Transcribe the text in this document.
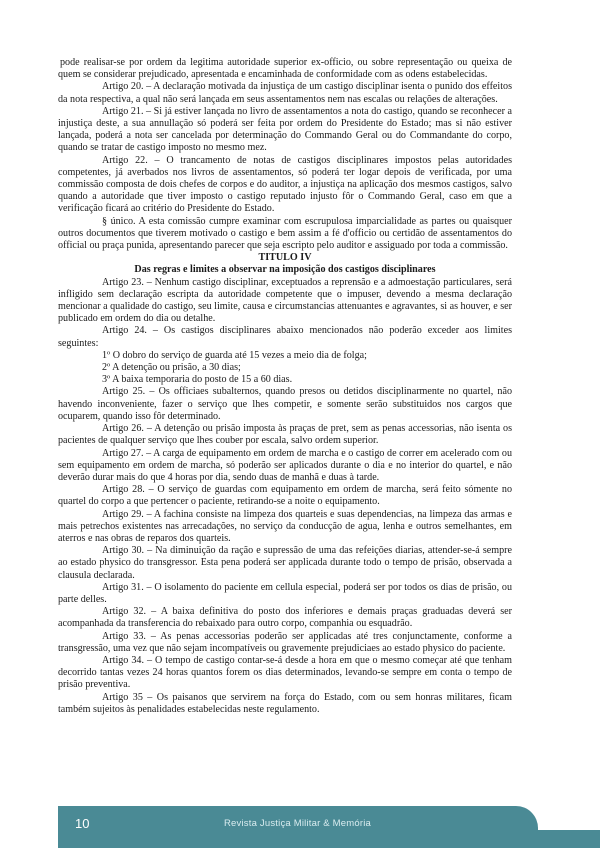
pode realisar-se por ordem da legitima autoridade superior ex-officio, ou sobre representação ou queixa de quem se considerar prejudicado, apresentada e encaminhada de conformidade com as odens estabelecidas.

Artigo 20. – A declaração motivada da injustiça de um castigo disciplinar isenta o punido dos effeitos da nota respectiva, a qual não será lançada em seus assentamentos nem nas escalas ou relações de alterações.

Artigo 21. – Si já estiver lançada no livro de assentamentos a nota do castigo, quando se reconhecer a injustiça deste, a sua annullação só poderá ser feita por ordem do Presidente do Estado; mas si não estiver lançada, poderá a nota ser cancelada por determinação do Commando Geral ou do Commandante do corpo, quando se tratar de castigo imposto no mesmo mez.

Artigo 22. – O trancamento de notas de castigos disciplinares impostos pelas autoridades competentes, já averbados nos livros de assentamentos, só poderá ter logar depois de verificada, por uma commissão composta de dois chefes de corpos e do auditor, a injustiça na aplicação dos mesmos castigos, salvo quando a autoridade que tiver imposto o castigo reputado injusto fôr o Commando Geral, caso em que a verificação ficará ao critério do Presidente do Estado.

§ único. A esta comissão cumpre examinar com escrupulosa imparcialidade as partes ou quaisquer outros documentos que tiverem motivado o castigo e bem assim a fé d'officio ou certidão de assentamentos do official ou praça punida, apresentando parecer que seja escripto pelo auditor e assiguado por toda a commissão.

TITULO IV

Das regras e limites a observar na imposição dos castigos disciplinares

Artigo 23. – Nenhum castigo disciplinar, exceptuados a reprensão e a admoestação particulares, será infligido sem declaração escripta da autoridade competente que o impuser, devendo a mesma declaração mencionar a qualidade do castigo, seu limite, causa e circumstancias attenuantes e agravantes, si as houver, e ser publicado em ordem do dia ou detalhe.

Artigo 24. – Os castigos disciplinares abaixo mencionados não poderão exceder aos limites seguintes:

1º O dobro do serviço de guarda até 15 vezes a meio dia de folga;

2º A detenção ou prisão, a 30 dias;

3º A baixa temporaria do posto de 15 a 60 dias.

Artigo 25. – Os officiaes subalternos, quando presos ou detidos disciplinarmente no quartel, não havendo inconveniente, fazer o serviço que lhes competir, e somente serão substituidos nos cargos que ocuparem, quando isso fôr determinado.

Artigo 26. – A detenção ou prisão imposta às praças de pret, sem as penas accessorias, não isenta os pacientes de qualquer serviço que lhes couber por escala, salvo ordem superior.

Artigo 27. – A carga de equipamento em ordem de marcha e o castigo de correr em acelerado com ou sem equipamento em ordem de marcha, só poderão ser aplicados durante o dia e no interior do quartel, e não deverão durar mais do que 4 horas por dia, sendo duas de manhã e duas à tarde.

Artigo 28. – O serviço de guardas com equipamento em ordem de marcha, será feito sómente no quartel do corpo a que pertencer o paciente, retirando-se a noite o equipamento.

Artigo 29. – A fachina consiste na limpeza dos quarteis e suas dependencias, na limpeza das armas e mais petrechos existentes nas arrecadações, no serviço da conducção de agua, lenha e outros semelhantes, em aterros e nas obras de reparos dos quarteis.

Artigo 30. – Na diminuição da ração e supressão de uma das refeições diarias, attender-se-á sempre ao estado physico do transgressor. Esta pena poderá ser applicada durante todo o tempo de prisão, observada a clausula declarada.

Artigo 31. – O isolamento do paciente em cellula especial, poderá ser por todos os dias de prisão, ou parte delles.

Artigo 32. – A baixa definitiva do posto dos inferiores e demais praças graduadas deverá ser acompanhada da transferencia do rebaixado para outro corpo, companhia ou esquadrão.

Artigo 33. – As penas accessorias poderão ser applicadas até tres conjunctamente, conforme a transgressão, uma vez que não sejam incompatíveis ou gravemente prejudiciaes ao estado physico do paciente.

Artigo 34. – O tempo de castigo contar-se-á desde a hora em que o mesmo começar até que tenham decorrido tantas vezes 24 horas quantos forem os dias determinados, levando-se sempre em conta o tempo de prisão preventiva.

Artigo 35 – Os paisanos que servirem na força do Estado, com ou sem honras militares, ficam também sujeitos às penalidades estabelecidas neste regulamento.

10	Revista Justiça Militar & Memória
